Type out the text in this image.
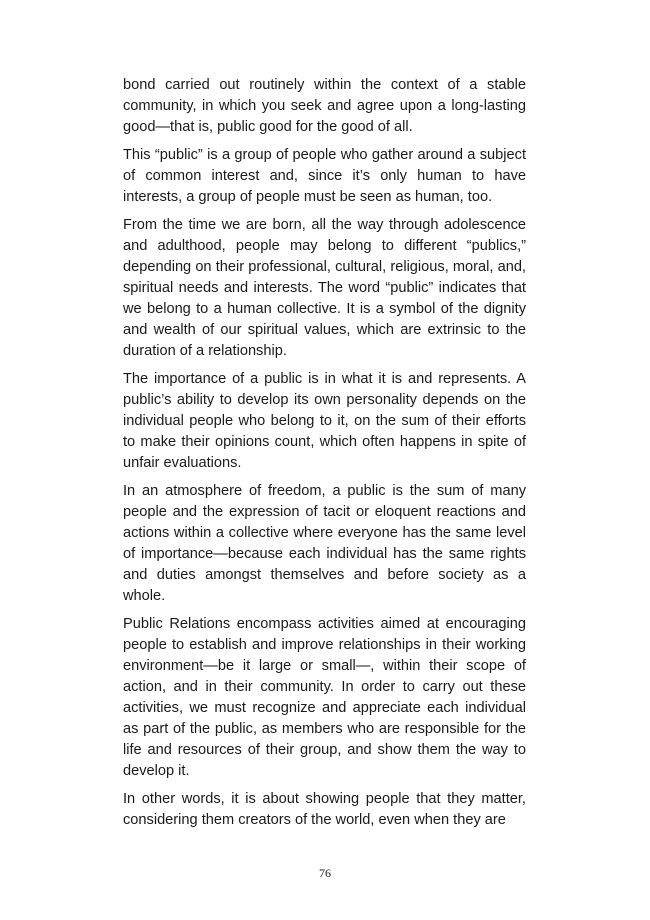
bond carried out routinely within the context of a stable community, in which you seek and agree upon a long-lasting good—that is, public good for the good of all.

This “public” is a group of people who gather around a subject of common interest and, since it’s only human to have interests, a group of people must be seen as human, too.

From the time we are born, all the way through adolescence and adulthood, people may belong to different “publics,” depending on their professional, cultural, religious, moral, and, spiritual needs and interests. The word “public” indicates that we belong to a human collective. It is a symbol of the dignity and wealth of our spiritual values, which are extrinsic to the duration of a relationship.

The importance of a public is in what it is and represents. A public’s ability to develop its own personality depends on the individual people who belong to it, on the sum of their efforts to make their opinions count, which often happens in spite of unfair evaluations.

In an atmosphere of freedom, a public is the sum of many people and the expression of tacit or eloquent reactions and actions within a collective where everyone has the same level of importance—because each individual has the same rights and duties amongst themselves and before society as a whole.

Public Relations encompass activities aimed at encouraging people to establish and improve relationships in their working environment—be it large or small—, within their scope of action, and in their community. In order to carry out these activities, we must recognize and appreciate each individual as part of the public, as members who are responsible for the life and resources of their group, and show them the way to develop it.

In other words, it is about showing people that they matter, considering them creators of the world, even when they are

76
